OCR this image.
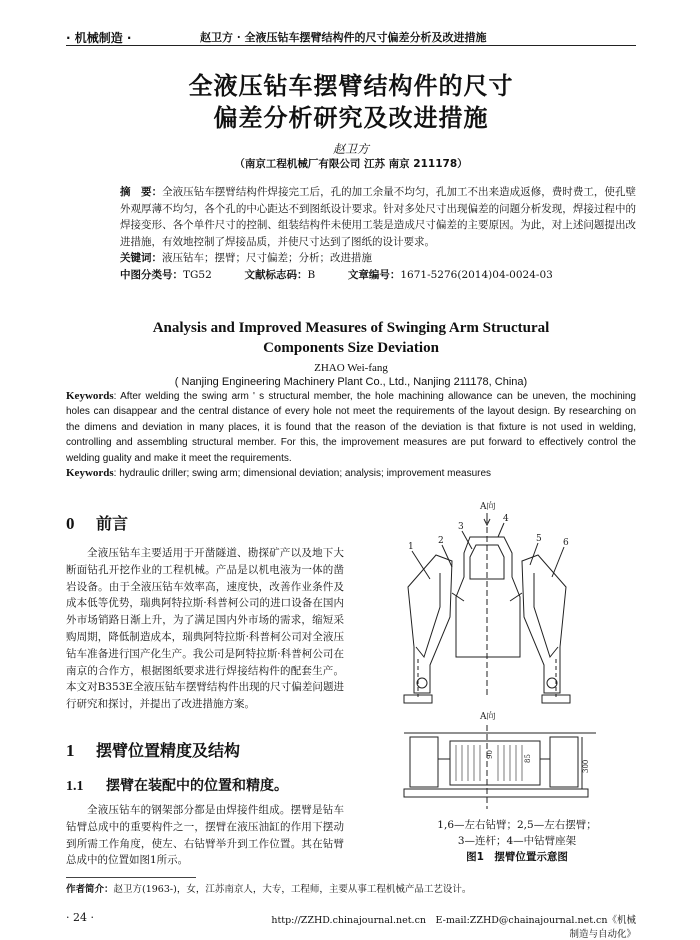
· 机械制造 ·	赵卫方 · 全液压钻车摆臂结构件的尺寸偏差分析及改进措施
全液压钻车摆臂结构件的尺寸
偏差分析研究及改进措施
赵卫方
（南京工程机械厂有限公司 江苏 南京 211178）
摘　要：全液压钻车摆臂结构件焊接完工后，孔的加工余量不均匀，孔加工不出来造成返修，费时费工，使孔壁外观厚薄不均匀，各个孔的中心距达不到图纸设计要求。针对多处尺寸出现偏差的问题分析发现，焊接过程中的焊接变形、各个单件尺寸的控制、组装结构件未使用工装是造成尺寸偏差的主要原因。为此，对上述问题提出改进措施，有效地控制了焊接品质，并使尺寸达到了图纸的设计要求。
关键词：液压钻车；摆臂；尺寸偏差；分析；改进措施
中图分类号：TG52	文献标志码：B	文章编号：1671-5276(2014)04-0024-03
Analysis and Improved Measures of Swinging Arm Structural
Components Size Deviation
ZHAO Wei-fang
( Nanjing Engineering Machinery Plant Co., Ltd., Nanjing 211178, China)
Keywords: After welding the swing arm ' s structural member, the hole machining allowance can be uneven, the mochining holes can disappear and the central distance of every hole not meet the requirements of the layout design. By researching on the dimens and deviation in many places, it is found that the reason of the deviation is that fixture is not used in welding, controlling and assembling structural member. For this, the improvement measures are put forward to effectively control the welding guality and make it meet the requirements.
Keywords: hydraulic driller; swing arm; dimensional deviation; analysis; improvement measures
0 前言

全液压钻车主要适用于开凿隧道、勘探矿产以及地下大断面钻孔开挖作业的工程机械。产品是以机电液为一体的凿岩设备。由于全液压钻车效率高，速度快，改善作业条件及成本低等优势，瑞典阿特拉斯·科普柯公司的进口设备在国内外市场销路日渐上升，为了满足国内外市场的需求，缩短采购周期，降低制造成本，瑞典阿特拉斯·科普柯公司对全液压钻车准备进行国产化生产。我公司是阿特拉斯·科普柯公司在南京的合作方，根据图纸要求进行焊接结构件的配套生产。本文对B353E全液压钻车摆臂结构件出现的尺寸偏差问题进行研究和探讨，并提出了改进措施方案。

1 摆臂位置精度及结构
1.1 摆臂在装配中的位置和精度。

全液压钻车的钢架部分都是由焊接件组成。摆臂是钻车钻臂总成中的重要构件之一，摆臂在液压油缸的作用下摆动到所需工作角度，使左、右钻臂举升到工作位置。其在钻臂总成中的位置如图1所示。

A向
3
4
1
2	5 6
A向
90	85
300
1,6—左右钻臂；2,5—左右摆臂；
3—连杆；4—中钻臂座架
图1　摆臂位置示意图
作者简介：赵卫方(1963-)，女，江苏南京人，大专，工程师，主要从事工程机械产品工艺设计。
· 24 ·	http://ZZHD.chinajournal.net.cn　E-mail:ZZHD@chainajournal.net.cn《机械制造与自动化》
